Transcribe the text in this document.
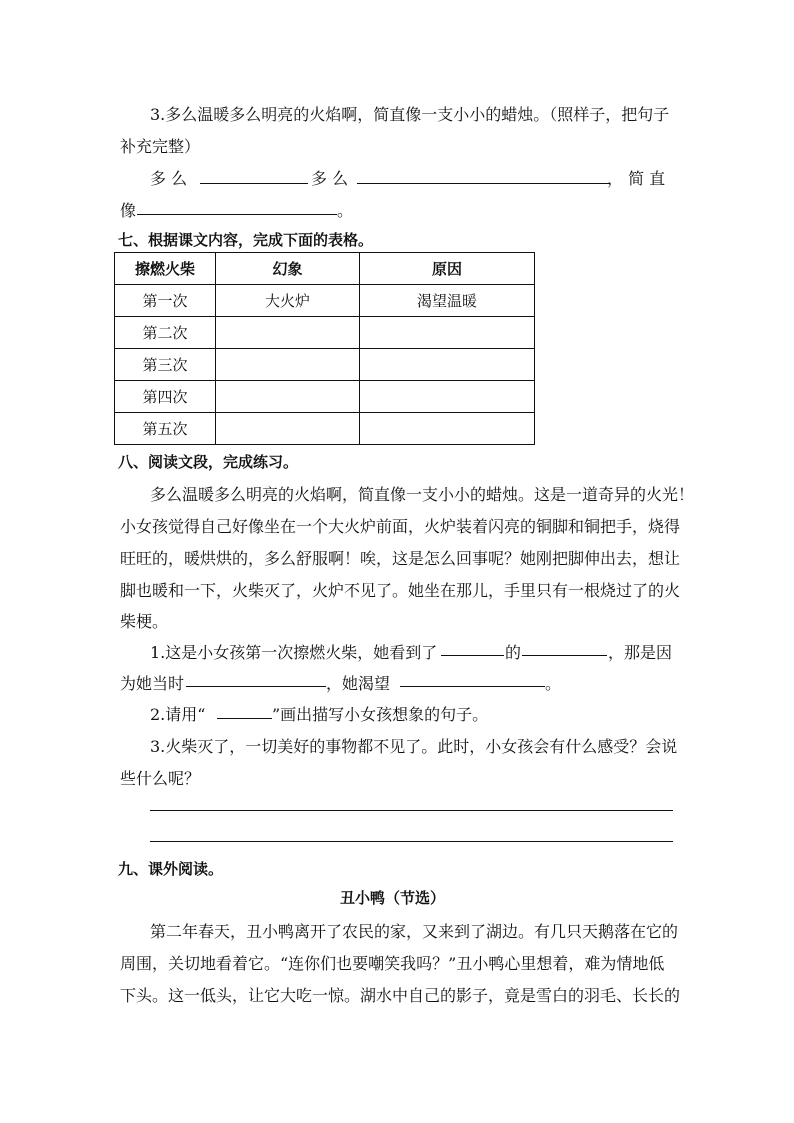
3.多么温暖多么明亮的火焰啊，简直像一支小小的蜡烛。（照样子，把句子
补充完整）
多 么	多 么	， 简 直
像	。
七、根据课文内容，完成下面的表格。
擦燃火柴	幻象	原因
第一次	大火炉	渴望温暖
第二次		
第三次		
第四次		
第五次		
八、阅读文段，完成练习。
多么温暖多么明亮的火焰啊，简直像一支小小的蜡烛。这是一道奇异的火光！
小女孩觉得自己好像坐在一个大火炉前面，火炉装着闪亮的铜脚和铜把手，烧得
旺旺的，暖烘烘的，多么舒服啊！唉，这是怎么回事呢？她刚把脚伸出去，想让
脚也暖和一下，火柴灭了，火炉不见了。她坐在那儿，手里只有一根烧过了的火
柴梗。
1.这是小女孩第一次擦燃火柴，她看到了	的	，那是因
为她当时	，她渴望	。
2.请用“	”画出描写小女孩想象的句子。
3.火柴灭了，一切美好的事物都不见了。此时，小女孩会有什么感受？会说
些什么呢？
九、课外阅读。
丑小鸭（节选）
第二年春天，丑小鸭离开了农民的家，又来到了湖边。有几只天鹅落在它的
周围，关切地看着它。“连你们也要嘲笑我吗？”丑小鸭心里想着，难为情地低
下头。这一低头，让它大吃一惊。湖水中自己的影子，竟是雪白的羽毛、长长的
